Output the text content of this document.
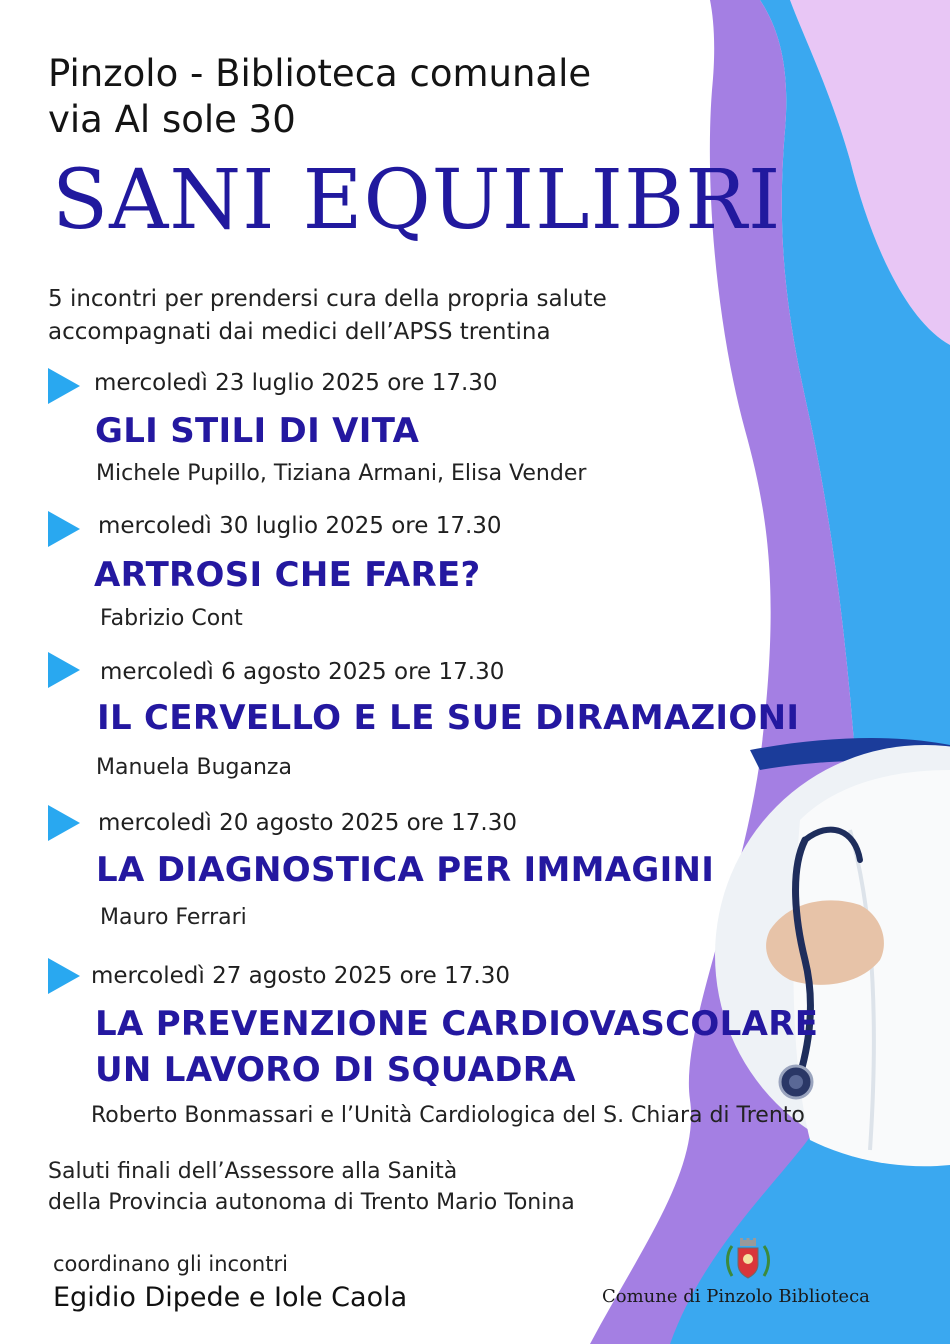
Pinzolo - Biblioteca comunale
via Al sole 30
SANI EQUILIBRI
5 incontri per prendersi cura della propria salute
accompagnati dai medici dell’APSS trentina
mercoledì 23 luglio 2025 ore 17.30
GLI STILI DI VITA
Michele Pupillo, Tiziana Armani, Elisa Vender
mercoledì 30 luglio 2025 ore 17.30
ARTROSI CHE FARE?
Fabrizio Cont
mercoledì 6 agosto 2025 ore 17.30
IL CERVELLO E LE SUE DIRAMAZIONI
Manuela Buganza
mercoledì 20 agosto 2025 ore 17.30
LA DIAGNOSTICA PER IMMAGINI
Mauro Ferrari
mercoledì 27 agosto 2025 ore 17.30
LA PREVENZIONE CARDIOVASCOLARE
UN LAVORO DI SQUADRA
Roberto Bonmassari e l’Unità Cardiologica del S. Chiara di Trento
Saluti finali dell’Assessore alla Sanità
della Provincia autonoma di Trento Mario Tonina
coordinano gli incontri
Egidio Dipede e Iole Caola	Comune di Pinzolo Biblioteca
